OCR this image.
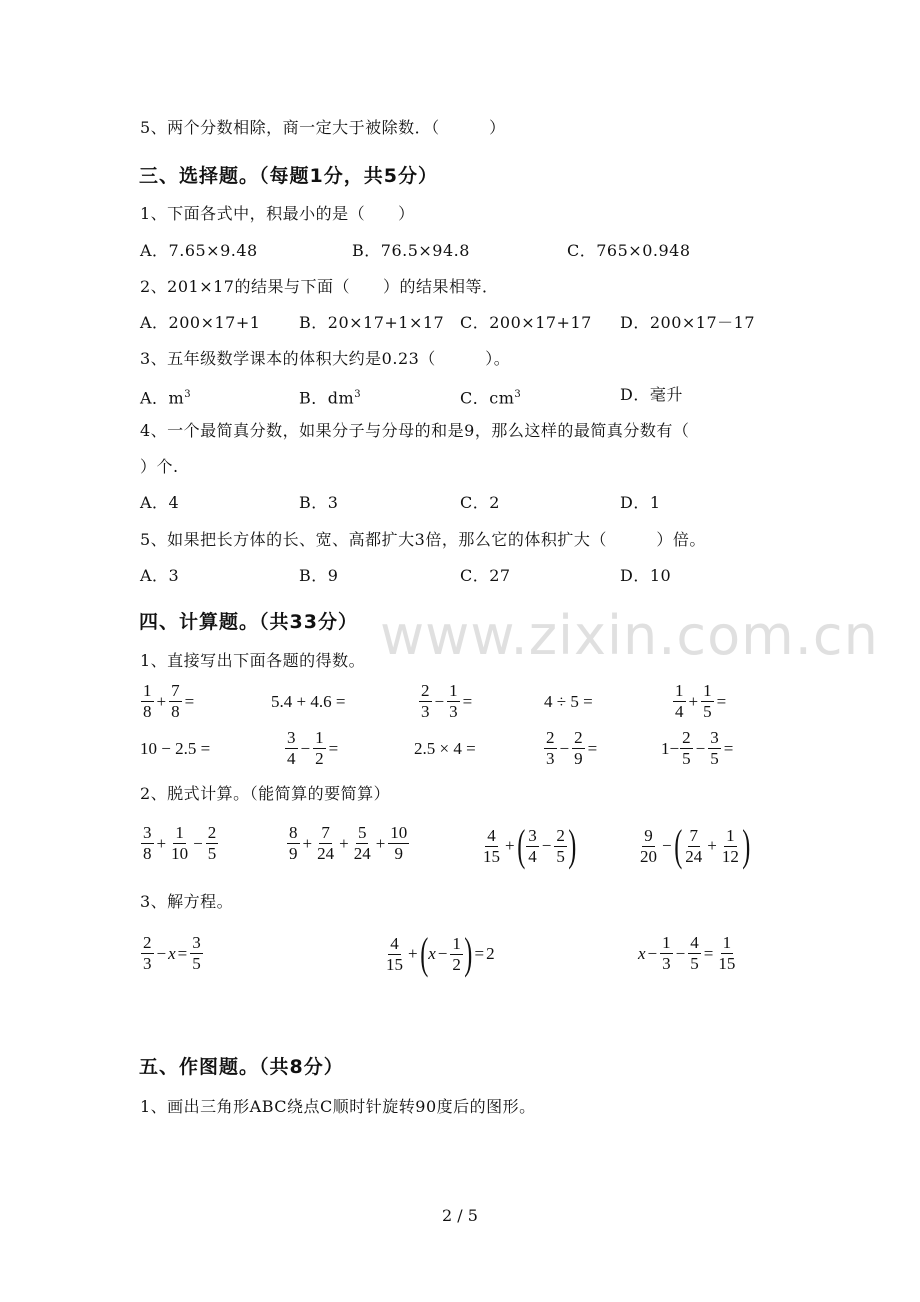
5、两个分数相除，商一定大于被除数．（　　　）
三、选择题。（每题1分，共5分）
1、下面各式中，积最小的是（　　）
A．7.65×9.48	B．76.5×94.8	C．765×0.948
2、201×17的结果与下面（　　）的结果相等．
A．200×17+1 B．20×17+1×17 C．200×17+17 D．200×17－17
3、五年级数学课本的体积大约是0.23（　　　）。
A．$m^3$	B．$dm^3$	C．$cm^3$	D．毫升
4、一个最简真分数，如果分子与分母的和是9，那么这样的最简真分数有（
）个.
A．4	B．3	C．2	D．1
5、如果把长方体的长、宽、高都扩大3倍，那么它的体积扩大（　　　）倍。
A．3	B．9	C．27	D．10
www.zixin.com.cn
四、计算题。（共33分）
1、直接写出下面各题的得数。
$\frac{1}{8} + \frac{7}{8}$ =	5.4 + 4.6 =	$\frac{2}{3} - \frac{1}{3}$ =	4 ÷ 5 =	$\frac{1}{4} + \frac{1}{5}$ =
10 − 2.5 =	$\frac{3}{4} - \frac{1}{2}$ =	2.5 × 4 =	$\frac{2}{3} - \frac{2}{9}$ =	$1- \frac{2}{5} - \frac{3}{5}$ =
2、脱式计算。（能简算的要简算）
$\frac{3}{8} + \frac{1}{10} - \frac{2}{5}$	$\frac{8}{9} + \frac{7}{24} + \frac{5}{24} + \frac{10}{9}$	$\frac{4}{15}$ + ( $\frac{3}{4} - \frac{2}{5}$ )	$\frac{9}{20}$ − ( $\frac{7}{24} + \frac{1}{12}$ )
3、解方程。
$\frac{2}{3} - x = \frac{3}{5}$	$\frac{4}{15}$ + ( $x - \frac{1}{2}$ ) = 2	$x - \frac{1}{3} - \frac{4}{5} = \frac{1}{15}$
五、作图题。（共8分）
1、画出三角形ABC绕点C顺时针旋转90度后的图形。
2 / 5
